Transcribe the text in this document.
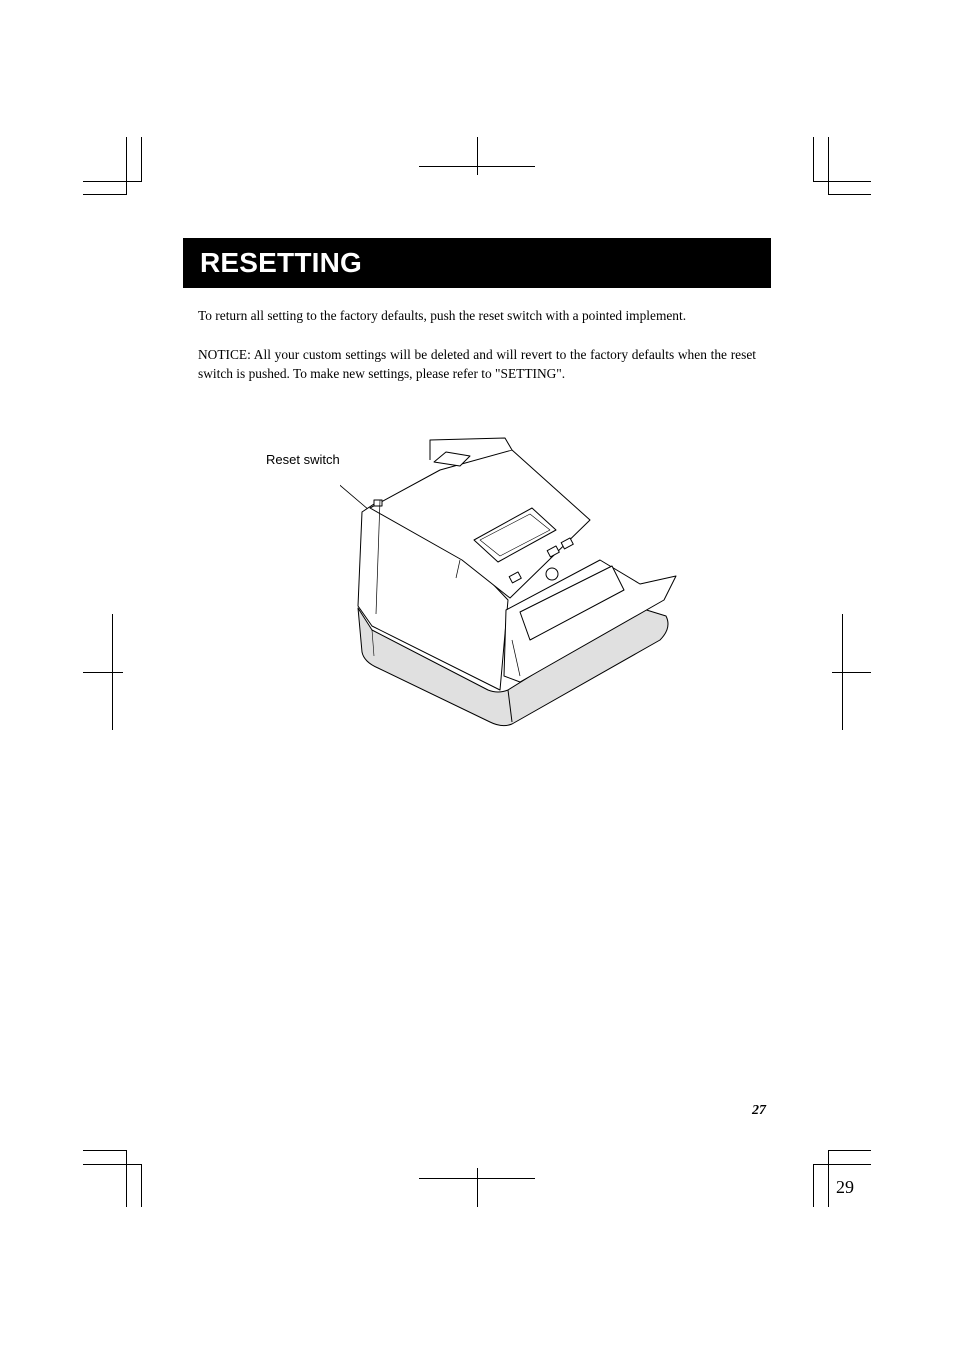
RESETTING

To return all setting to the factory defaults, push the reset switch with a pointed implement.

NOTICE: All your custom settings will be deleted and will revert to the factory defaults when the reset switch is pushed. To make new settings, please refer to "SETTING".

Reset switch
27
29
